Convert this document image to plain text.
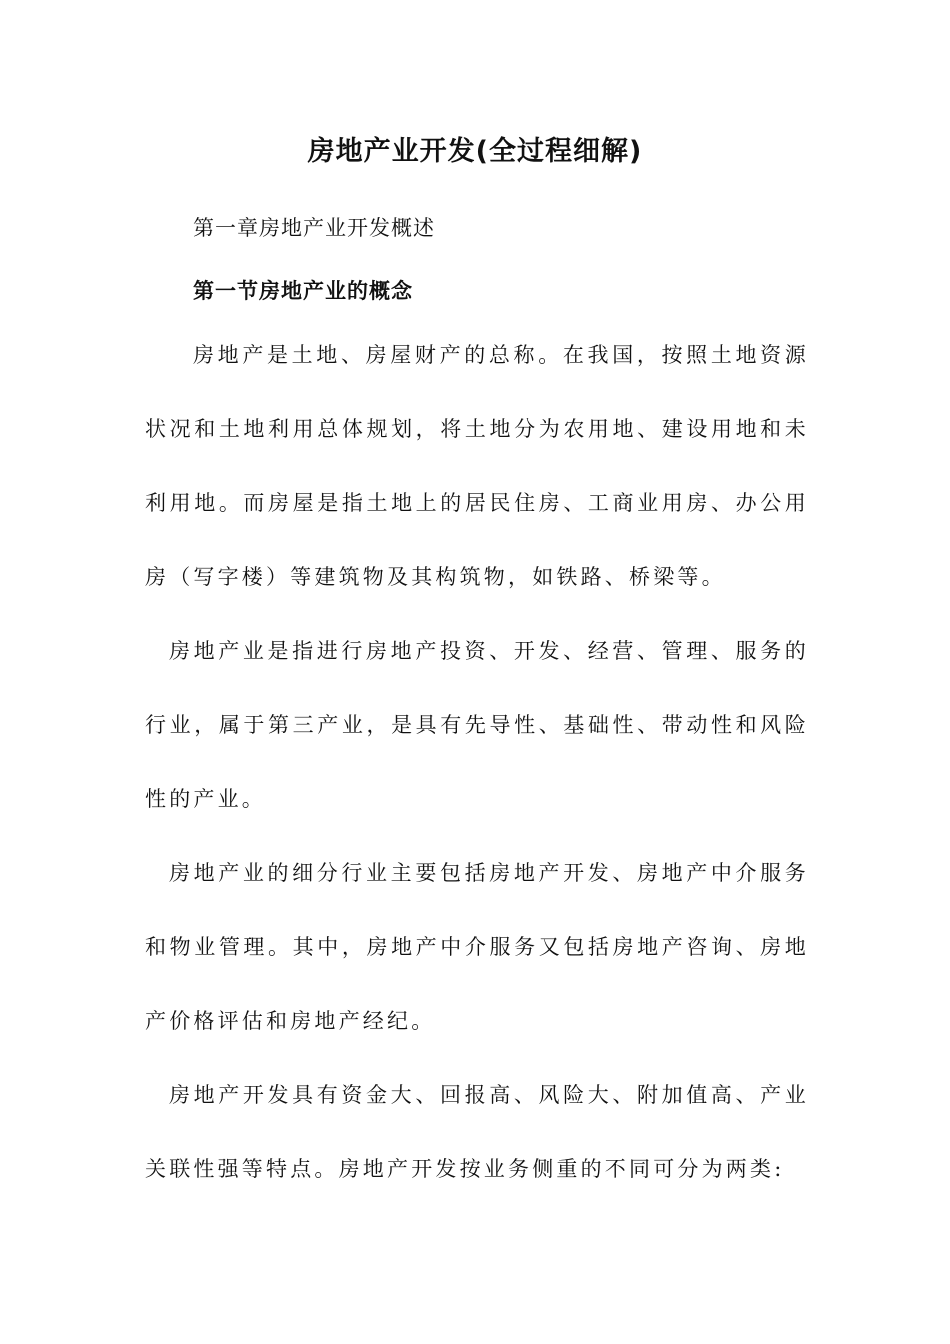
房地产业开发(全过程细解)
第一章房地产业开发概述
第一节房地产业的概念

房地产是土地、房屋财产的总称。在我国，按照土地资源状况和土地利用总体规划，将土地分为农用地、建设用地和未利用地。而房屋是指土地上的居民住房、工商业用房、办公用房（写字楼）等建筑物及其构筑物，如铁路、桥梁等。

房地产业是指进行房地产投资、开发、经营、管理、服务的行业，属于第三产业，是具有先导性、基础性、带动性和风险性的产业。

房地产业的细分行业主要包括房地产开发、房地产中介服务和物业管理。其中，房地产中介服务又包括房地产咨询、房地产价格评估和房地产经纪。

房地产开发具有资金大、回报高、风险大、附加值高、产业关联性强等特点。房地产开发按业务侧重的不同可分为两类:
